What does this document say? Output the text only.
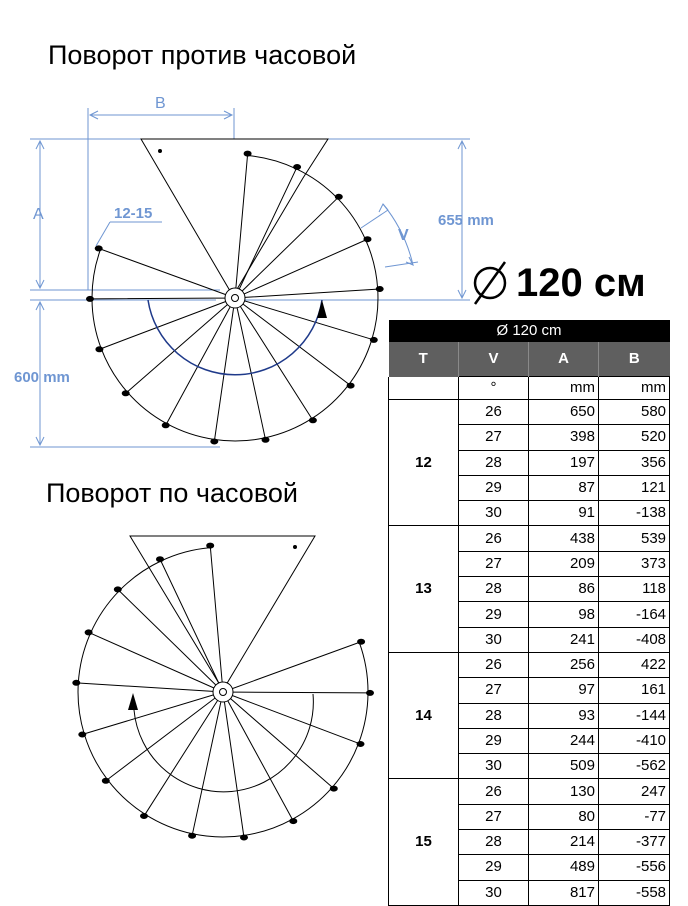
Поворот против часовой
Поворот по часовой
120 см
B
A	12-15
V
655 mm
600 mm
Ø 120 cm			
T	V	A	B
	°	mm	mm
12	26	650	580
	27	398	520
	28	197	356
	29	87	121
	30	91	-138
13	26	438	539
	27	209	373
	28	86	118
	29	98	-164
	30	241	-408
14	26	256	422
	27	97	161
	28	93	-144
	29	244	-410
	30	509	-562
15	26	130	247
	27	80	-77
	28	214	-377
	29	489	-556
	30	817	-558
